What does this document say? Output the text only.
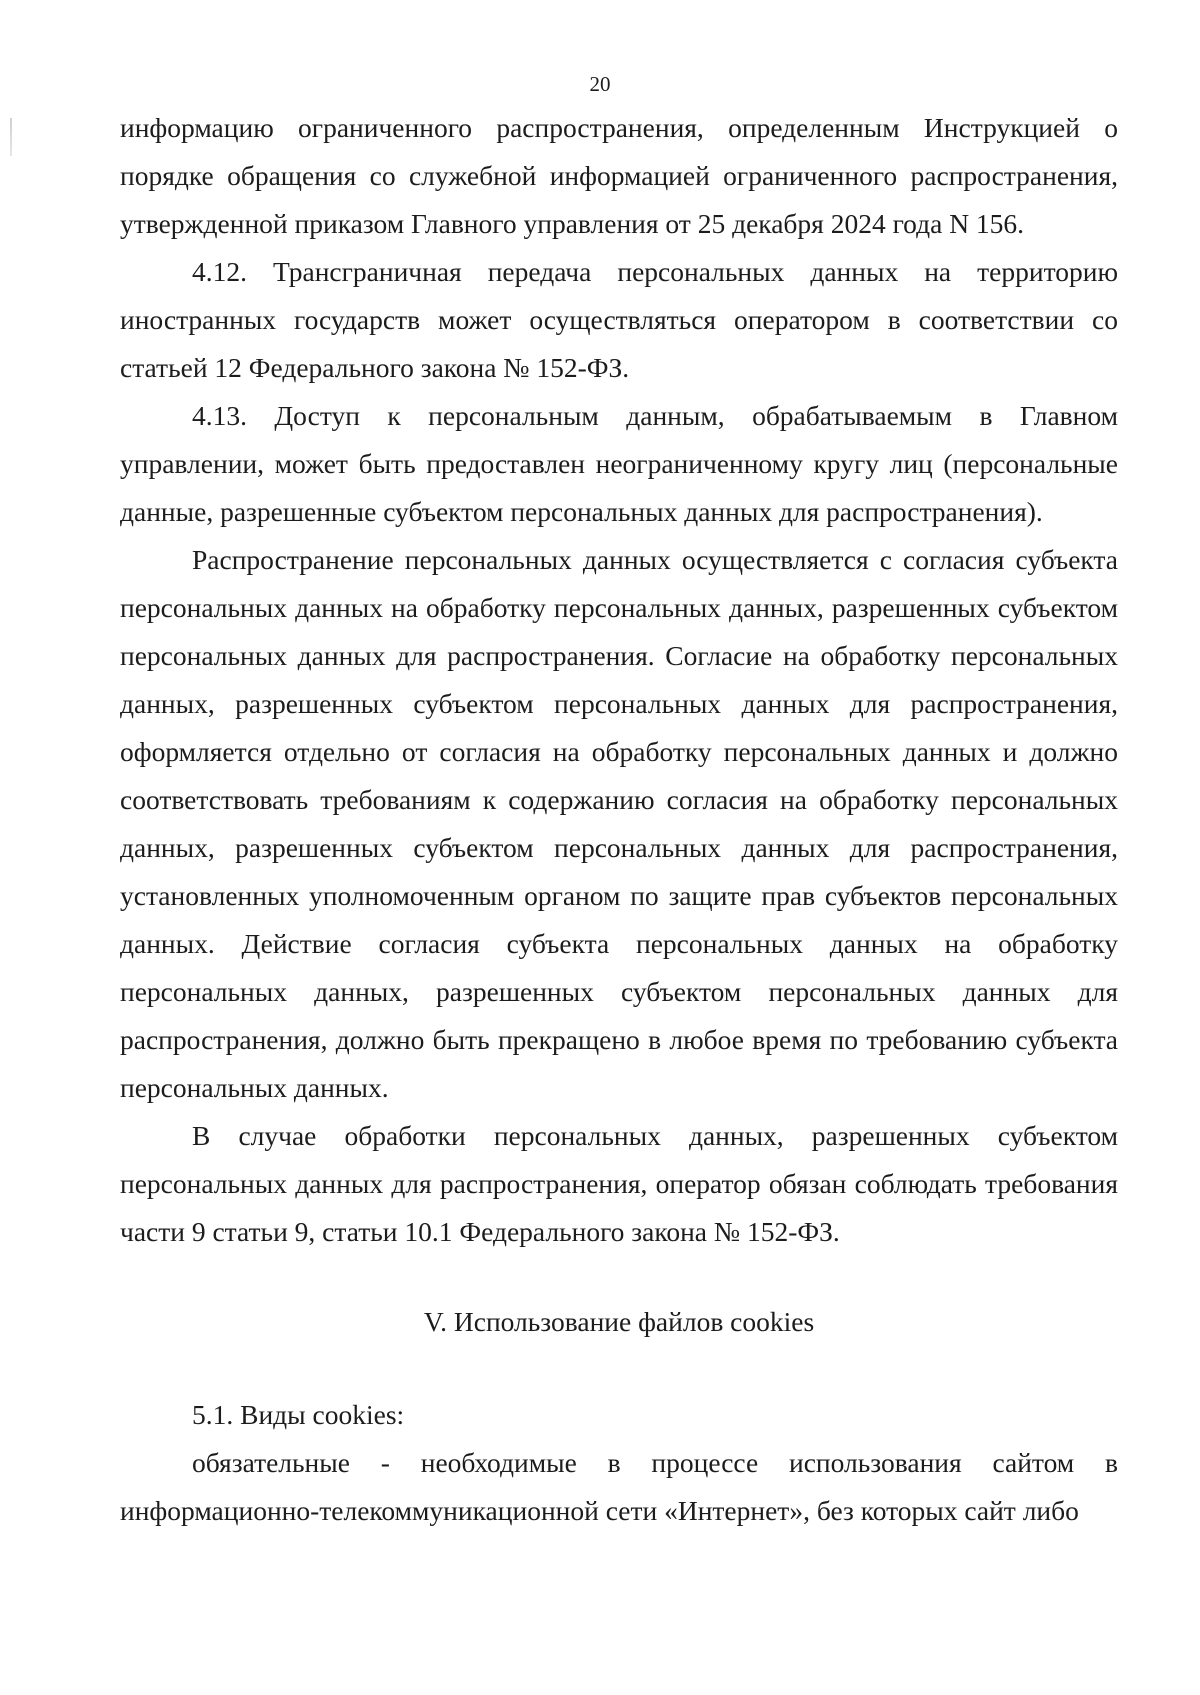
20

информацию ограниченного распространения, определенным Инструкцией о порядке обращения со служебной информацией ограниченного распространения, утвержденной приказом Главного управления от 25 декабря 2024 года N 156.

4.12. Трансграничная передача персональных данных на территорию иностранных государств может осуществляться оператором в соответствии со статьей 12 Федерального закона № 152-ФЗ.

4.13. Доступ к персональным данным, обрабатываемым в Главном управлении, может быть предоставлен неограниченному кругу лиц (персональные данные, разрешенные субъектом персональных данных для распространения).

Распространение персональных данных осуществляется с согласия субъекта персональных данных на обработку персональных данных, разрешенных субъектом персональных данных для распространения. Согласие на обработку персональных данных, разрешенных субъектом персональных данных для распространения, оформляется отдельно от согласия на обработку персональных данных и должно соответствовать требованиям к содержанию согласия на обработку персональных данных, разрешенных субъектом персональных данных для распространения, установленных уполномоченным органом по защите прав субъектов персональных данных. Действие согласия субъекта персональных данных на обработку персональных данных, разрешенных субъектом персональных данных для распространения, должно быть прекращено в любое время по требованию субъекта персональных данных.

В случае обработки персональных данных, разрешенных субъектом персональных данных для распространения, оператор обязан соблюдать требования части 9 статьи 9, статьи 10.1 Федерального закона № 152-ФЗ.

V. Использование файлов cookies

5.1. Виды cookies:

обязательные - необходимые в процессе использования сайтом в информационно-телекоммуникационной сети «Интернет», без которых сайт либо
